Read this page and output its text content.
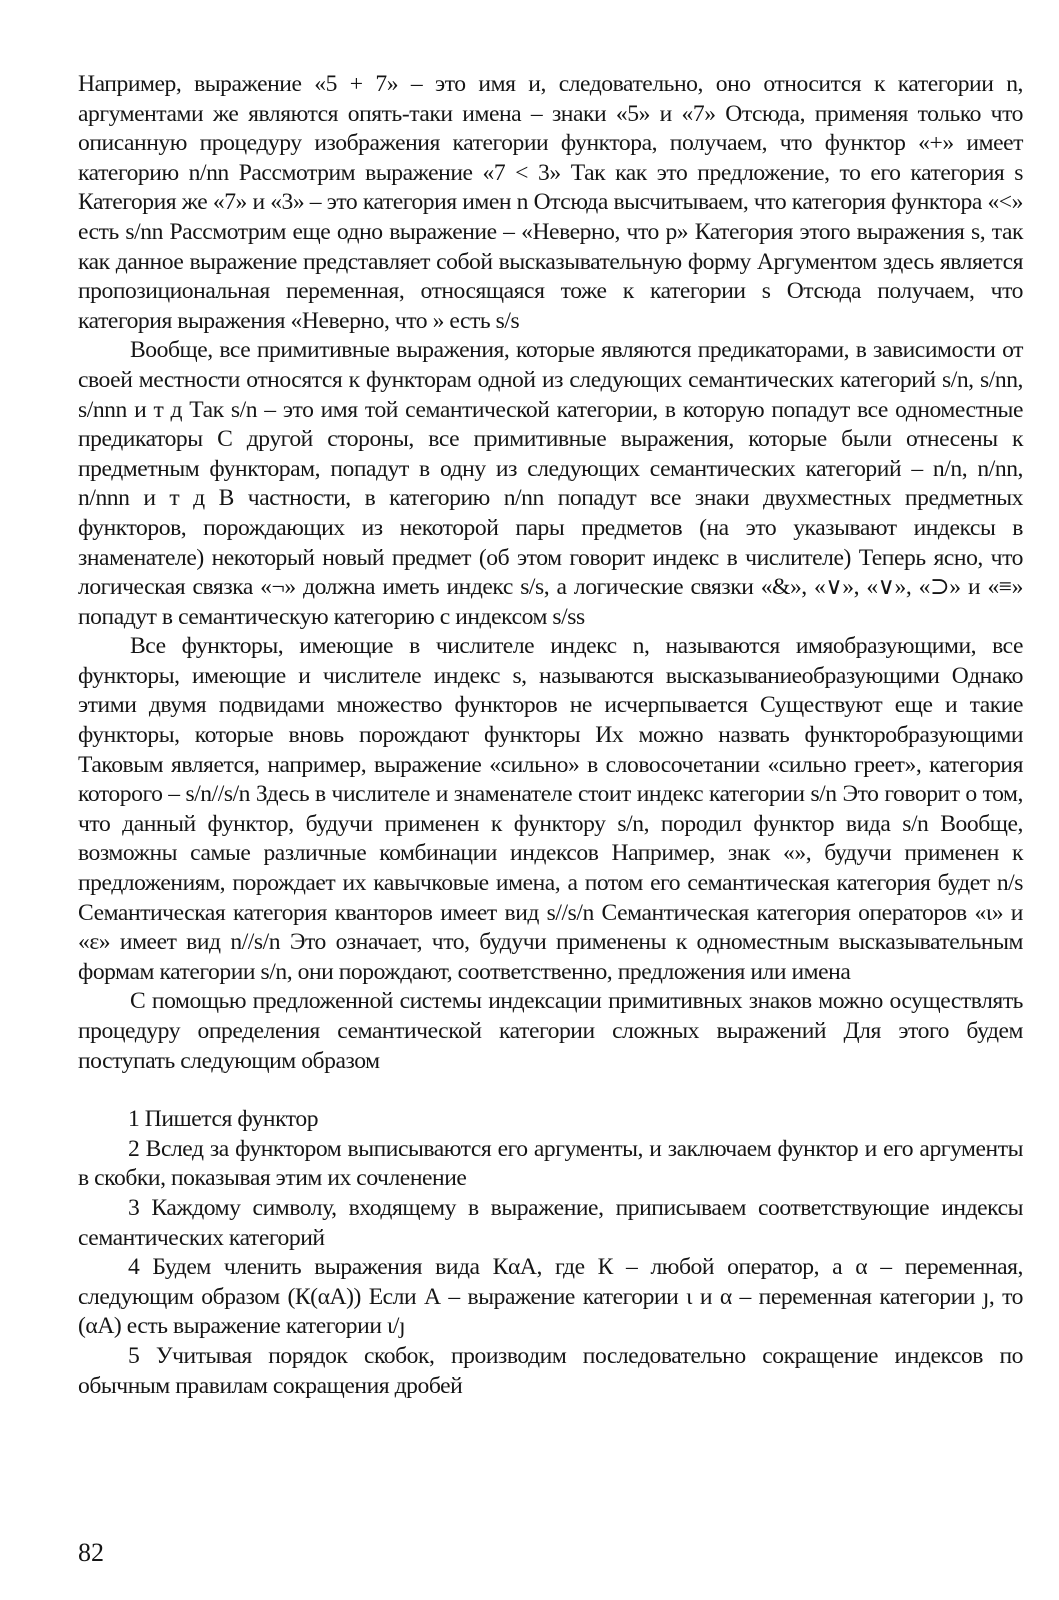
Например, выражение «5 + 7» – это имя и, следовательно, оно относится к категории n, аргументами же являются опять-таки имена – знаки «5» и «7» Отсюда, применяя только что описанную процедуру изображения категории функтора, получаем, что функтор «+» имеет категорию n/nn Рассмотрим выражение «7 < 3» Так как это предложение, то его категория s Категория же «7» и «3» – это категория имен n Отсюда высчитываем, что категория функтора «<» есть s/nn Рассмотрим еще одно выражение – «Неверно, что p» Категория этого выражения s, так как данное выражение представляет собой высказывательную форму Аргументом здесь является пропозициональная переменная, относящаяся тоже к категории s Отсюда получаем, что категория выражения «Неверно, что » есть s/s

Вообще, все примитивные выражения, которые являются предикаторами, в зависимости от своей местности относятся к функторам одной из следующих семантических категорий s/n, s/nn, s/nnn и т д Так s/n – это имя той семантической категории, в которую попадут все одноместные предикаторы С другой стороны, все примитивные выражения, которые были отнесены к предметным функторам, попадут в одну из следующих семантических категорий – n/n, n/nn, n/nnn и т д В частности, в категорию n/nn попадут все знаки двухместных предметных функторов, порождающих из некоторой пары предметов (на это указывают индексы в знаменателе) некоторый новый предмет (об этом говорит индекс в числителе) Теперь ясно, что логическая связка «¬» должна иметь индекс s/s, а логические связки «&», «∨», «∨», «⊃» и «≡» попадут в семантическую категорию с индексом s/ss

Все функторы, имеющие в числителе индекс n, называются имяобразующими, все функторы, имеющие и числителе индекс s, называются высказываниеобразующими Однако этими двумя подвидами множество функторов не исчерпывается Существуют еще и такие функторы, которые вновь порождают функторы Их можно назвать функторобразующими Таковым является, например, выражение «сильно» в словосочетании «сильно греет», категория которого – s/n//s/n Здесь в числителе и знаменателе стоит индекс категории s/n Это говорит о том, что данный функтор, будучи применен к функтору s/n, породил функтор вида s/n Вообще, возможны самые различные комбинации индексов Например, знак «», будучи применен к предложениям, порождает их кавычковые имена, а потом его семантическая категория будет n/s Семантическая категория кванторов имеет вид s//s/n Семантическая категория операторов «ι» и «ε» имеет вид n//s/n Это означает, что, будучи применены к одноместным высказывательным формам категории s/n, они порождают, соответственно, предложения или имена

С помощью предложенной системы индексации примитивных знаков можно осуществлять процедуру определения семантической категории сложных выражений Для этого будем поступать следующим образом

1 Пишется функтор

2 Вслед за функтором выписываются его аргументы, и заключаем функтор и его аргументы в скобки, показывая этим их сочленение

3 Каждому символу, входящему в выражение, приписываем соответствующие индексы семантических категорий

4 Будем членить выражения вида КαА, где К – любой оператор, а α – переменная, следующим образом (К(αА)) Если А – выражение категории ι и α – переменная категории ȷ, то (αА) есть выражение категории ι/ȷ

5 Учитывая порядок скобок, производим последовательно сокращение индексов по обычным правилам сокращения дробей

82
